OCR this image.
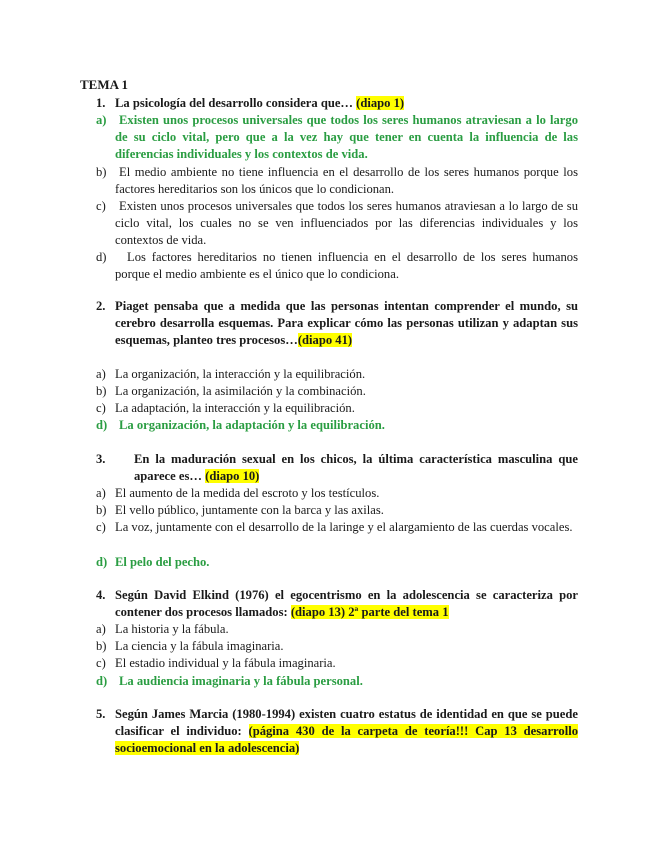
TEMA 1
1. La psicología del desarrollo considera que… (diapo 1)
a) Existen unos procesos universales que todos los seres humanos atraviesan a lo largo de su ciclo vital, pero que a la vez hay que tener en cuenta la influencia de las diferencias individuales y los contextos de vida.
b) El medio ambiente no tiene influencia en el desarrollo de los seres humanos porque los factores hereditarios son los únicos que lo condicionan.
c)	Existen unos procesos universales que todos los seres humanos atraviesan a lo largo de su ciclo vital, los cuales no se ven influenciados por las diferencias individuales y los contextos de vida.
d)	Los factores hereditarios no tienen influencia en el desarrollo de los seres humanos porque el medio ambiente es el único que lo condiciona.
2. Piaget pensaba que a medida que las personas intentan comprender el mundo, su cerebro desarrolla esquemas. Para explicar cómo las personas utilizan y adaptan sus esquemas, planteo tres procesos…(diapo 41)
a) La organización, la interacción y la equilibración.
b) La organización, la asimilación y la combinación.
c) La adaptación, la interacción y la equilibración.
d) La organización, la adaptación y la equilibración.
3. En la maduración sexual en los chicos, la última característica masculina que aparece es… (diapo 10)
a) El aumento de la medida del escroto y los testículos.
b) El vello público, juntamente con la barca y las axilas.
c) La voz, juntamente con el desarrollo de la laringe y el alargamiento de las cuerdas vocales.
d) El pelo del pecho.
4. Según David Elkind (1976) el egocentrismo en la adolescencia se caracteriza por contener dos procesos llamados: (diapo 13) 2ª parte del tema 1
a) La historia y la fábula.
b) La ciencia y la fábula imaginaria.
c) El estadio individual y la fábula imaginaria.
d) La audiencia imaginaria y la fábula personal.
5. Según James Marcia (1980-1994) existen cuatro estatus de identidad en que se puede clasificar el individuo: (página 430 de la carpeta de teoría!!! Cap 13 desarrollo socioemocional en la adolescencia)
